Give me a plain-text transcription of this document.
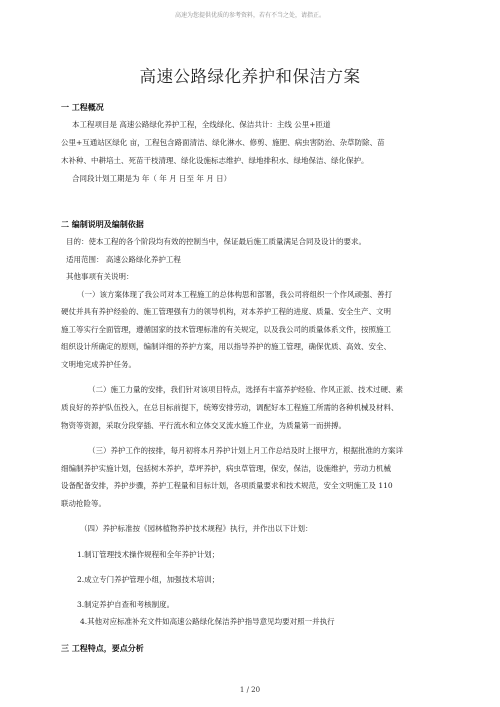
高速为您提供优质的参考资料，若有不当之处，请指正。
高速公路绿化养护和保洁方案
一 工程概况
本工程项目是 高速公路绿化养护工程，全线绿化、保洁共计：主线 公里+匝道
公里+互通站区绿化 亩，工程包含路面清洁、绿化淋水、修剪、施肥、病虫害防治、杂草防除、苗
木补种、中耕培土、死苗干枝清理、绿化设施标志维护、绿地排积水、绿地保洁、绿化保护。
合同段计划工期是为 年（ 年 月 日至 年 月 日）
二 编制说明及编制依据
目的：使本工程的各个阶段均有效的控制当中，保证最后施工质量满足合同及设计的要求。
适用范围： 高速公路绿化养护工程
其他事项有关说明：
（一）该方案体现了我公司对本工程施工的总体构思和部署，我公司将组织一个作风顽强、善打
硬仗并具有养护经验的、施工管理强有力的领导机构，对本养护工程的进度、质量、安全生产、文明
施工等实行全面管理，遵循国家的技术管理标准的有关规定，以及我公司的质量体系文件，按照施工
组织设计所确定的原则，编制详细的养护方案，用以指导养护的施工管理，确保优质、高效、安全、
文明地完成养护任务。
（二）施工力量的安排，我们针对该项目特点，选择有丰富养护经验、作风正派、技术过硬、素
质良好的养护队伍投入，在总目标前提下，统筹安排劳动，调配好本工程施工所需的各种机械及材料、
物资等资源，采取分段穿插、平行流水和立体交叉流水施工作业，为质量第一而拼搏。
（三）养护工作的按排，每月初将本月养护计划上月工作总结及时上报甲方，根据批准的方案详
细编制养护实施计划，包括树木养护，草坪养护，病虫草管理，保安，保洁，设施维护，劳动力机械
设备配备安排，养护步骤，养护工程量和目标计划，各项质量要求和技术规范，安全文明施工及 110
联动抢险等。
（四）养护标准按《园林植物养护技术规程》执行，并作出以下计划：
1.制订管理技术操作规程和全年养护计划；
2.成立专门养护管理小组，加强技术培训；
3.制定养护自查和考核制度。
4.其他对应标准补充文件如高速公路绿化保洁养护指导意见均要对照一并执行
三 工程特点，要点分析
1 / 20
